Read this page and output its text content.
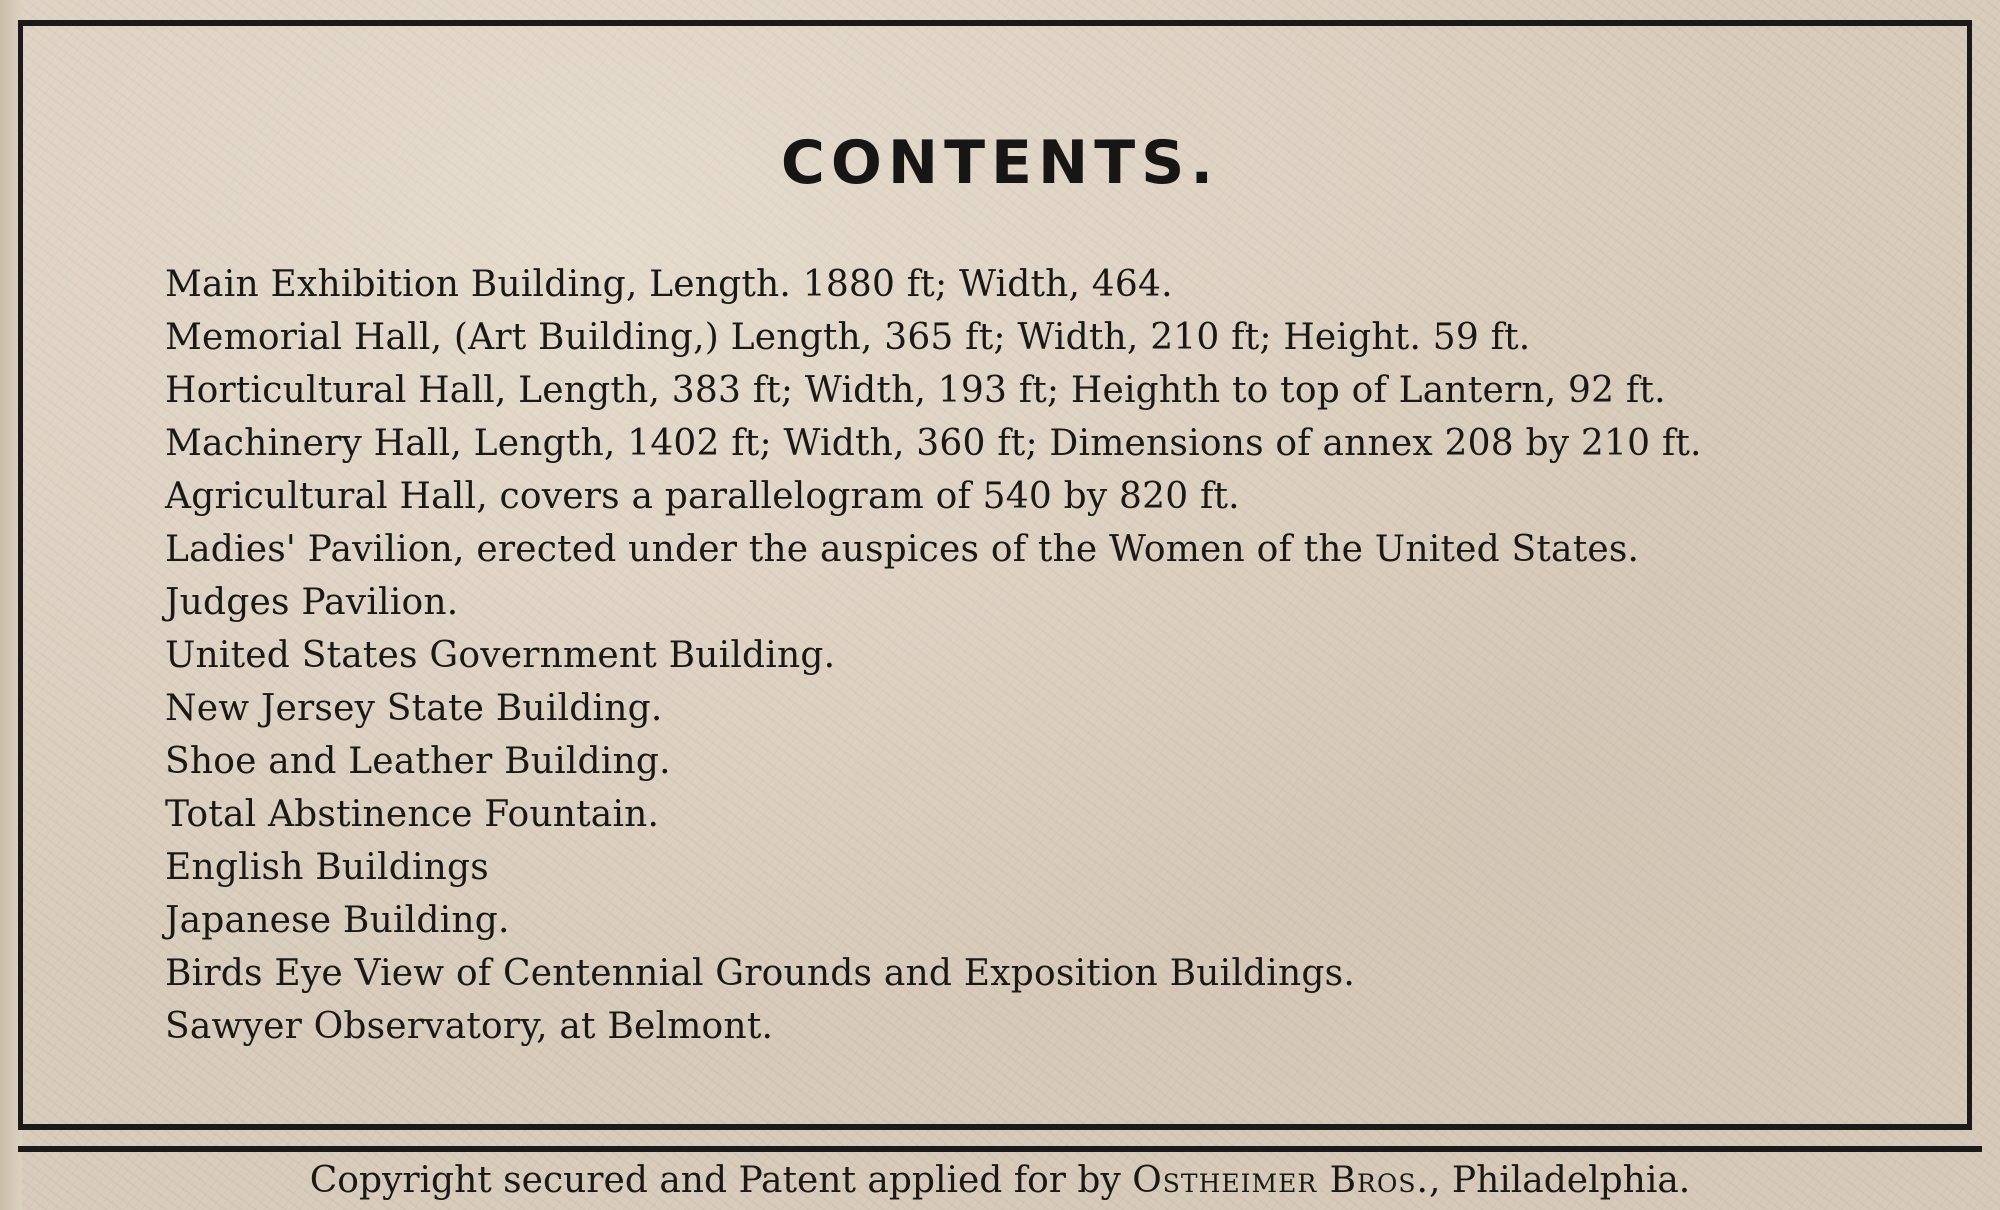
CONTENTS.
Main Exhibition Building, Length. 1880 ft; Width, 464.
Memorial Hall, (Art Building,) Length, 365 ft; Width, 210 ft; Height. 59 ft.
Horticultural Hall, Length, 383 ft; Width, 193 ft; Heighth to top of Lantern, 92 ft.
Machinery Hall, Length, 1402 ft; Width, 360 ft; Dimensions of annex 208 by 210 ft.
Agricultural Hall, covers a parallelogram of 540 by 820 ft.
Ladies' Pavilion, erected under the auspices of the Women of the United States.
Judges Pavilion.
United States Government Building.
New Jersey State Building.
Shoe and Leather Building.
Total Abstinence Fountain.
English Buildings
Japanese Building.
Birds Eye View of Centennial Grounds and Exposition Buildings.
Sawyer Observatory, at Belmont.
Copyright secured and Patent applied for by Ostheimer Bros., Philadelphia.
